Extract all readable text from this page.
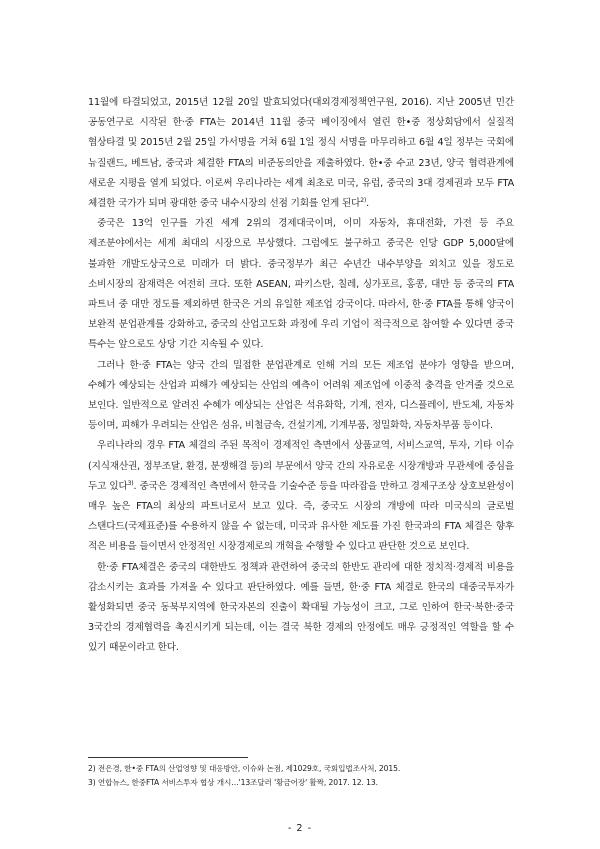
11월에 타결되었고, 2015년 12월 20일 발효되었다(대외경제정책연구원, 2016). 지난 2005년 민간 공동연구로 시작된 한·중 FTA는 2014년 11월 중국 베이징에서 열린 한•중 정상회담에서 실질적 협상타결 및 2015년 2월 25일 가서명을 거쳐 6월 1일 정식 서명을 마무리하고 6월 4일 정부는 국회에 뉴질랜드, 베트남, 중국과 체결한 FTA의 비준동의안을 제출하였다. 한•중 수교 23년, 양국 협력관계에 새로운 지평을 열게 되었다. 이로써 우리나라는 세계 최초로 미국, 유럽, 중국의 3대 경제권과 모두 FTA 체결한 국가가 되며 광대한 중국 내수시장의 선점 기회를 얻게 된다$^{2)}$.

중국은 13억 인구를 가진 세계 2위의 경제대국이며, 이미 자동차, 휴대전화, 가전 등 주요 제조분야에서는 세계 최대의 시장으로 부상했다. 그럼에도 불구하고 중국은 인당 GDP 5,000달에 불과한 개발도상국으로 미래가 더 밝다. 중국정부가 최근 수년간 내수부양을 외치고 있을 정도로 소비시장의 잠재력은 여전히 크다. 또한 ASEAN, 파키스탄, 칠레, 싱가포르, 홍콩, 대만 등 중국의 FTA 파트너 중 대만 정도를 제외하면 한국은 거의 유일한 제조업 강국이다. 따라서, 한·중 FTA를 통해 양국이 보완적 분업관계를 강화하고, 중국의 산업고도화 과정에 우리 기업이 적극적으로 참여할 수 있다면 중국 특수는 앞으로도 상당 기간 지속될 수 있다.

그러나 한·중 FTA는 양국 간의 밀접한 분업관계로 인해 거의 모든 제조업 분야가 영향을 받으며, 수혜가 예상되는 산업과 피해가 예상되는 산업의 예측이 어려워 제조업에 이중적 충격을 안겨줄 것으로 보인다. 일반적으로 알려진 수혜가 예상되는 산업은 석유화학, 기계, 전자, 디스플레이, 반도체, 자동차 등이며, 피해가 우려되는 산업은 섬유, 비철금속, 건설기계, 기계부품, 정밀화학, 자동차부품 등이다.

우리나라의 경우 FTA 체결의 주된 목적이 경제적인 측면에서 상품교역, 서비스교역, 투자, 기타 이슈(지식재산권, 정부조달, 환경, 분쟁해결 등)의 부문에서 양국 간의 자유로운 시장개방과 무관세에 중심을 두고 있다$^{3)}$. 중국은 경제적인 측면에서 한국을 기술수준 등을 따라잡을 만하고 경제구조상 상호보완성이 매우 높은 FTA의 최상의 파트너로서 보고 있다. 즉, 중국도 시장의 개방에 따라 미국식의 글로벌 스탠다드(국제표준)를 수용하지 않을 수 없는데, 미국과 유사한 제도를 가진 한국과의 FTA 체결은 향후 적은 비용을 들이면서 안정적인 시장경제로의 개혁을 수행할 수 있다고 판단한 것으로 보인다.

한·중 FTA체결은 중국의 대한반도 정책과 관련하여 중국의 한반도 관리에 대한 정치적·경제적 비용을 감소시키는 효과를 가져올 수 있다고 판단하였다. 예를 들면, 한·중 FTA 체결로 한국의 대중국투자가 활성화되면 중국 동북부지역에 한국자본의 진출이 확대될 가능성이 크고, 그로 인하여 한국·북한·중국 3국간의 경제협력을 촉진시키게 되는데, 이는 결국 북한 경제의 안정에도 매우 긍정적인 역할을 할 수 있기 때문이라고 한다.

2) 전은경, 한•중 FTA의 산업영향 및 대응방안, 이슈와 논점, 제1029호, 국회입법조사처, 2015.

3) 연합뉴스, 한중FTA 서비스투자 협상 개시…'13조달러 '황금어장' 활짝, 2017. 12. 13.

- 2 -
